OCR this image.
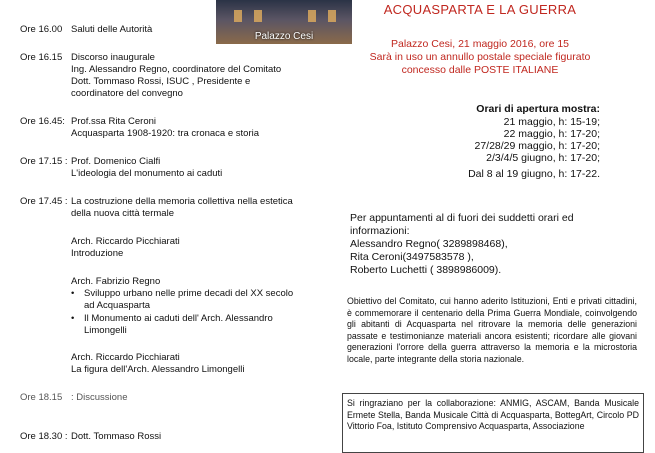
Palazzo Cesi
Ore 16.00 Saluti delle Autorità
Ore 16.15 Discorso inaugurale
Ing. Alessandro Regno, coordinatore del Comitato
Dott. Tommaso Rossi, ISUC , Presidente e
coordinatore del convegno
Ore 16.45: Prof.ssa Rita Ceroni
Acquasparta 1908-1920: tra cronaca e storia
Ore 17.15 : Prof. Domenico Cialfi
L'ideologia del monumento ai caduti
Ore 17.45 : La costruzione della memoria collettiva nella estetica
della nuova città termale
Arch. Riccardo Picchiarati
Introduzione
Arch. Fabrizio Regno
• Sviluppo urbano nelle prime decadi del XX secolo
ad Acquasparta
• Il Monumento ai caduti dell' Arch. Alessandro
Limongelli
Arch. Riccardo Picchiarati
La figura dell'Arch. Alessandro Limongelli
Ore 18.15 : Discussione
Ore 18.30 : Dott. Tommaso Rossi
ACQUASPARTA E LA GUERRA
Palazzo Cesi, 21 maggio 2016, ore 15
Sarà in uso un annullo postale speciale figurato
concesso dalle POSTE ITALIANE
Orari di apertura mostra:
21 maggio, h: 15-19;
22 maggio, h: 17-20;
27/28/29 maggio, h: 17-20;
2/3/4/5 giugno, h: 17-20;
Dal 8 al 19 giugno, h: 17-22.
Per appuntamenti al di fuori dei suddetti orari ed
informazioni:
Alessandro Regno( 3289898468),
Rita Ceroni(3497583578 ),
Roberto Luchetti ( 3898986009).
Obiettivo del Comitato, cui hanno aderito Istituzioni, Enti e privati cittadini, è commemorare il centenario della Prima Guerra Mondiale, coinvolgendo gli abitanti di Acquasparta nel ritrovare la memoria delle generazioni passate e testimonianze materiali ancora esistenti; ricordare alle giovani generazioni l'orrore della guerra attraverso la memoria e la microstoria locale, parte integrante della storia nazionale.
Si ringraziano per la collaborazione: ANMIG, ASCAM, Banda Musicale Ermete Stella, Banda Musicale Città di Acquasparta, BottegArt, Circolo PD Vittorio Foa, Istituto Comprensivo Acquasparta, Associazione
